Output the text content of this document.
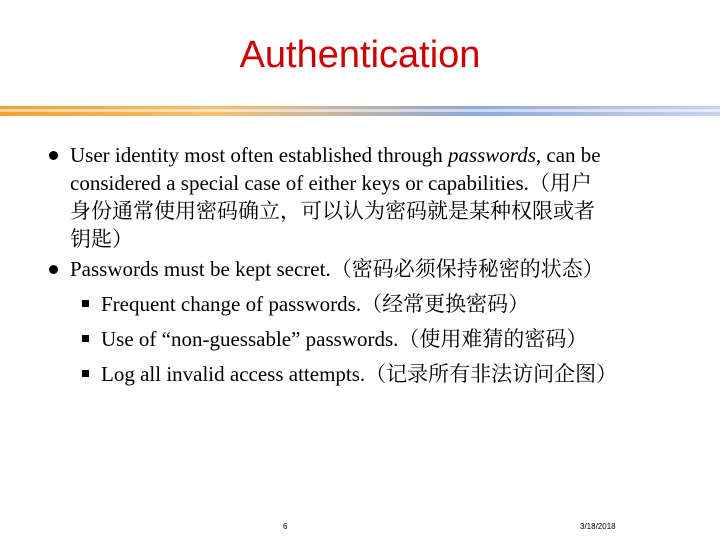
Authentication
User identity most often established through passwords, can be
considered a special case of either keys or capabilities.（用户
身份通常使用密码确立，可以认为密码就是某种权限或者
钥匙）
Passwords must be kept secret.（密码必须保持秘密的状态）
Frequent change of passwords.（经常更换密码）
Use of “non-guessable” passwords.（使用难猜的密码）
Log all invalid access attempts.（记录所有非法访问企图）
6	3/18/2018
